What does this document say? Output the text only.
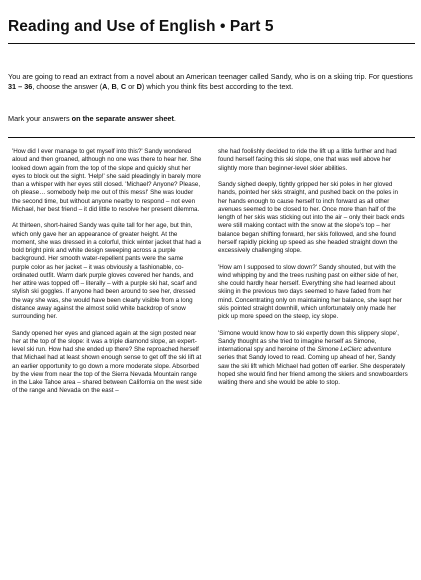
Reading and Use of English • Part 5

You are going to read an extract from a novel about an American teenager called Sandy, who is on a skiing trip. For questions 31 – 36, choose the answer (A, B, C or D) which you think fits best according to the text.

Mark your answers on the separate answer sheet.

'How did I ever manage to get myself into this?' Sandy wondered aloud and then groaned, although no one was there to hear her. She looked down again from the top of the slope and quickly shut her eyes to block out the sight. 'Help!' she said pleadingly in barely more than a whisper with her eyes still closed. 'Michael? Anyone? Please, oh please… somebody help me out of this mess!' She was louder the second time, but without anyone nearby to respond – not even Michael, her best friend – it did little to resolve her present dilemma.

At thirteen, short-haired Sandy was quite tall for her age, but thin, which only gave her an appearance of greater height. At the moment, she was dressed in a colorful, thick winter jacket that had a bold bright pink and white design sweeping across a purple background. Her smooth water-repellent pants were the same purple color as her jacket – it was obviously a fashionable, co-ordinated outfit. Warm dark purple gloves covered her hands, and her attire was topped off – literally – with a purple ski hat, scarf and stylish ski goggles. If anyone had been around to see her, dressed the way she was, she would have been clearly visible from a long distance away against the almost solid white backdrop of snow surrounding her.

Sandy opened her eyes and glanced again at the sign posted near her at the top of the slope: it was a triple diamond slope, an expert-level ski run. How had she ended up there? She reproached herself that Michael had at least shown enough sense to get off the ski lift at an earlier opportunity to go down a more moderate slope. Absorbed by the view from near the top of the Sierra Nevada Mountain range in the Lake Tahoe area – shared between California on the west side of the range and Nevada on the east –

she had foolishly decided to ride the lift up a little further and had found herself facing this ski slope, one that was well above her slightly more than beginner-level skier abilities.

Sandy sighed deeply, tightly gripped her ski poles in her gloved hands, pointed her skis straight, and pushed back on the poles in her hands enough to cause herself to inch forward as all other avenues seemed to be closed to her. Once more than half of the length of her skis was sticking out into the air – only their back ends were still making contact with the snow at the slope's top – her balance began shifting forward, her skis followed, and she found herself rapidly picking up speed as she headed straight down the excessively challenging slope.

'How am I supposed to slow down?' Sandy shouted, but with the wind whipping by and the trees rushing past on either side of her, she could hardly hear herself. Everything she had learned about skiing in the previous two days seemed to have faded from her mind. Concentrating only on maintaining her balance, she kept her skis pointed straight downhill, which unfortunately only made her pick up more speed on the steep, icy slope.

'Simone would know how to ski expertly down this slippery slope', Sandy thought as she tried to imagine herself as Simone, international spy and heroine of the Simone LeClerc adventure series that Sandy loved to read. Coming up ahead of her, Sandy saw the ski lift which Michael had gotten off earlier. She desperately hoped she would find her friend among the skiers and snowboarders waiting there and she would be able to stop.
